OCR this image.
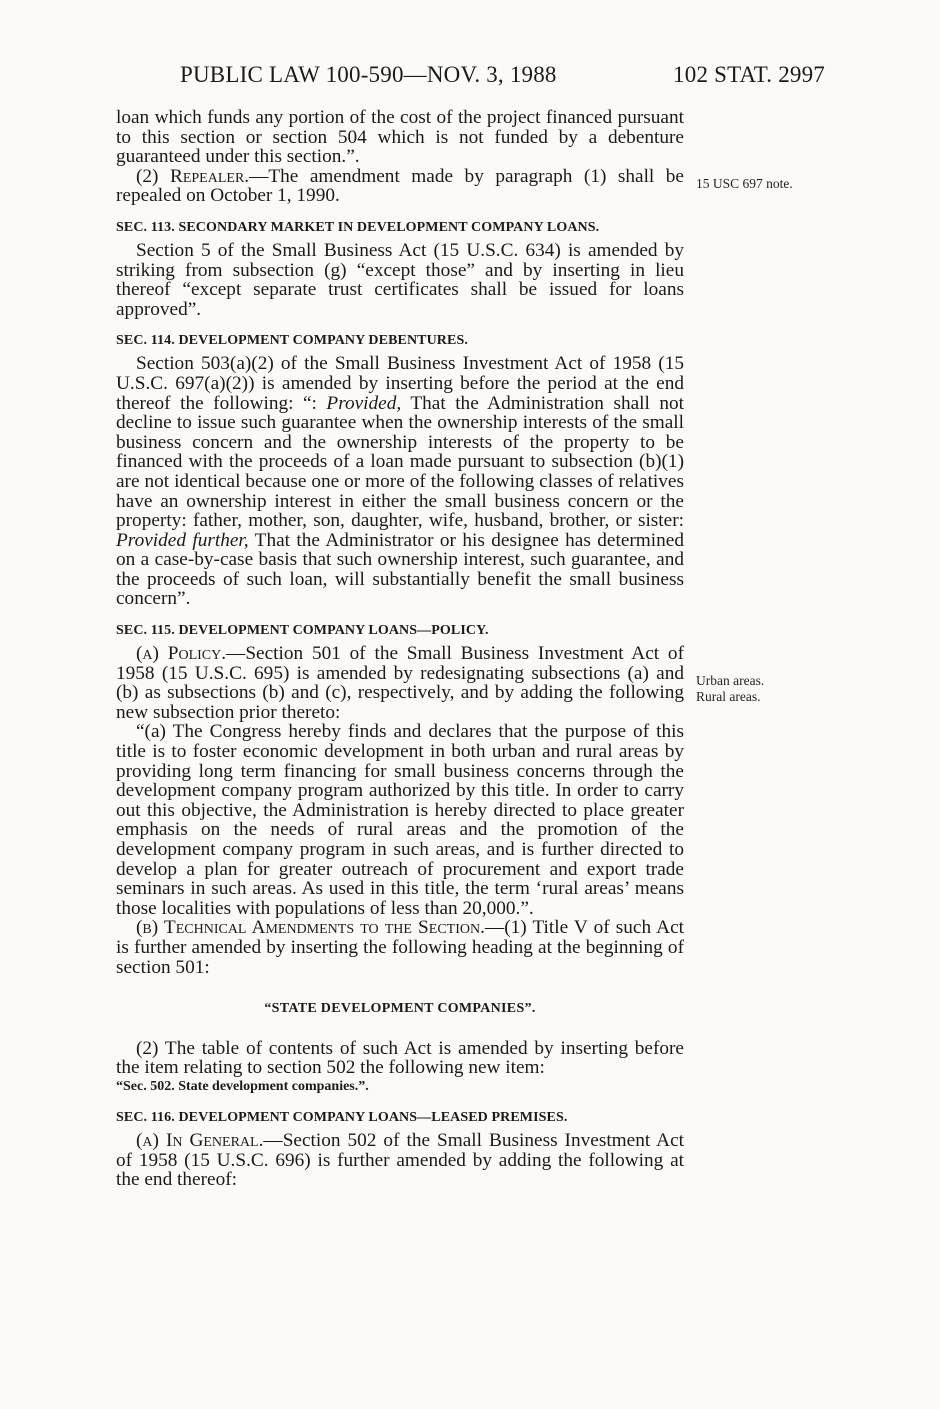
PUBLIC LAW 100-590—NOV. 3, 1988	102 STAT. 2997

loan which funds any portion of the cost of the project financed pursuant to this section or section 504 which is not funded by a debenture guaranteed under this section.”.

(2) Repealer.—The amendment made by paragraph (1) shall be repealed on October 1, 1990.

SEC. 113. SECONDARY MARKET IN DEVELOPMENT COMPANY LOANS.

Section 5 of the Small Business Act (15 U.S.C. 634) is amended by striking from subsection (g) “except those” and by inserting in lieu thereof “except separate trust certificates shall be issued for loans approved”.

SEC. 114. DEVELOPMENT COMPANY DEBENTURES.

Section 503(a)(2) of the Small Business Investment Act of 1958 (15 U.S.C. 697(a)(2)) is amended by inserting before the period at the end thereof the following: “: Provided, That the Administration shall not decline to issue such guarantee when the ownership interests of the small business concern and the ownership interests of the property to be financed with the proceeds of a loan made pursuant to subsection (b)(1) are not identical because one or more of the following classes of relatives have an ownership interest in either the small business concern or the property: father, mother, son, daughter, wife, husband, brother, or sister: Provided further, That the Administrator or his designee has determined on a case-by-case basis that such ownership interest, such guarantee, and the proceeds of such loan, will substantially benefit the small business concern”.

SEC. 115. DEVELOPMENT COMPANY LOANS—POLICY.

(a) Policy.—Section 501 of the Small Business Investment Act of 1958 (15 U.S.C. 695) is amended by redesignating subsections (a) and (b) as subsections (b) and (c), respectively, and by adding the following new subsection prior thereto:

“(a) The Congress hereby finds and declares that the purpose of this title is to foster economic development in both urban and rural areas by providing long term financing for small business concerns through the development company program authorized by this title. In order to carry out this objective, the Administration is hereby directed to place greater emphasis on the needs of rural areas and the promotion of the development company program in such areas, and is further directed to develop a plan for greater outreach of procurement and export trade seminars in such areas. As used in this title, the term ‘rural areas’ means those localities with populations of less than 20,000.”.

(b) Technical Amendments to the Section.—(1) Title V of such Act is further amended by inserting the following heading at the beginning of section 501:

“STATE DEVELOPMENT COMPANIES”.

(2) The table of contents of such Act is amended by inserting before the item relating to section 502 the following new item:

“Sec. 502. State development companies.”.
SEC. 116. DEVELOPMENT COMPANY LOANS—LEASED PREMISES.

(a) In General.—Section 502 of the Small Business Investment Act of 1958 (15 U.S.C. 696) is further amended by adding the following at the end thereof:

15 USC 697 note.
Urban areas.
Rural areas.
